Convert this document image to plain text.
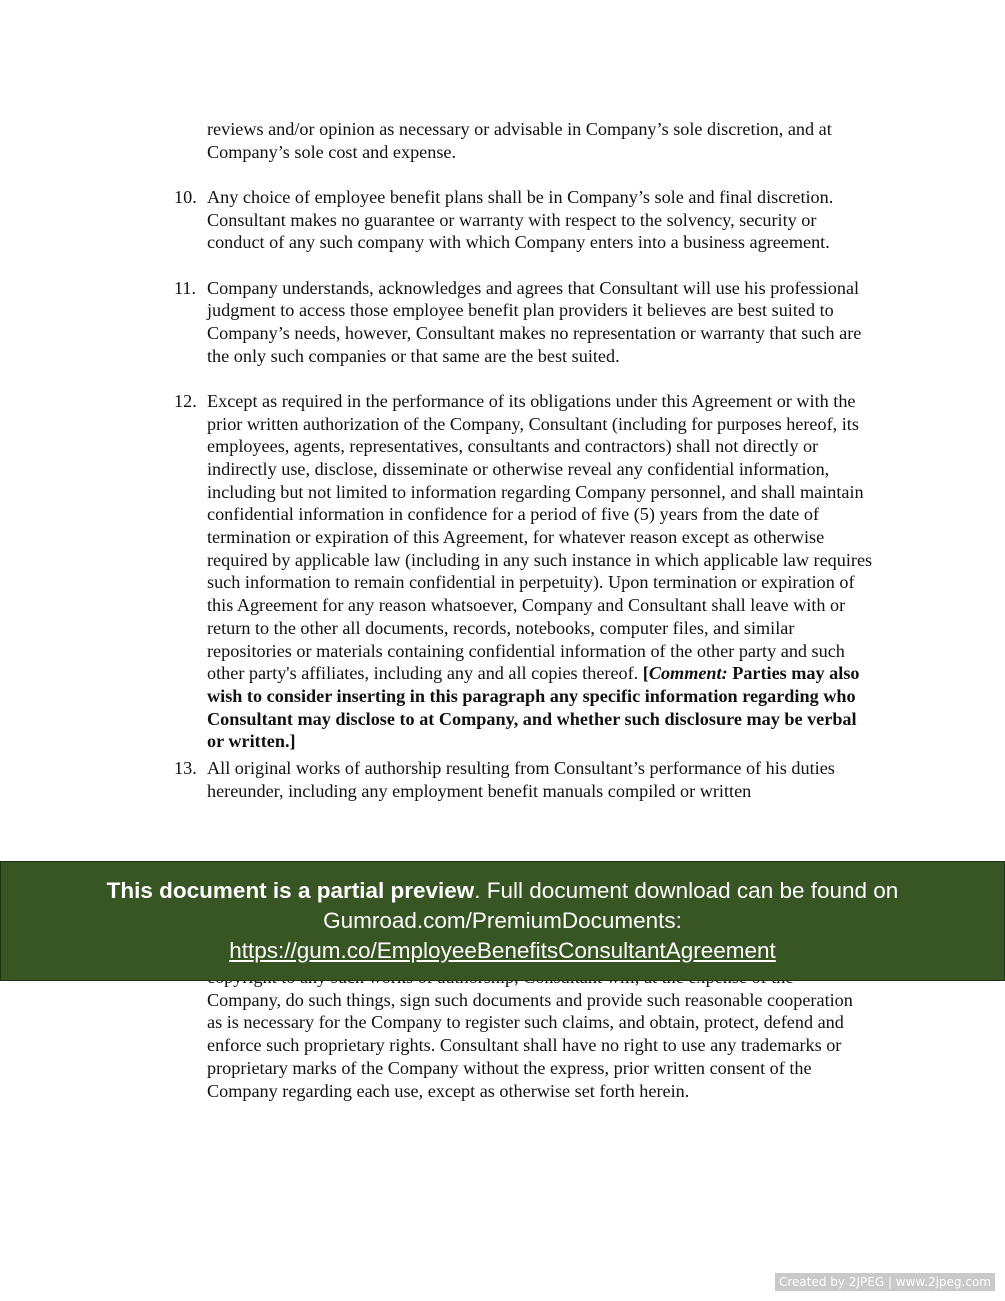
reviews and/or opinion as necessary or advisable in Company’s sole discretion, and at Company’s sole cost and expense.

10. Any choice of employee benefit plans shall be in Company’s sole and final discretion. Consultant makes no guarantee or warranty with respect to the solvency, security or conduct of any such company with which Company enters into a business agreement.

11. Company understands, acknowledges and agrees that Consultant will use his professional judgment to access those employee benefit plan providers it believes are best suited to Company’s needs, however, Consultant makes no representation or warranty that such are the only such companies or that same are the best suited.

12. Except as required in the performance of its obligations under this Agreement or with the prior written authorization of the Company, Consultant (including for purposes hereof, its employees, agents, representatives, consultants and contractors) shall not directly or indirectly use, disclose, disseminate or otherwise reveal any confidential information, including but not limited to information regarding Company personnel, and shall maintain confidential information in confidence for a period of five (5) years from the date of termination or expiration of this Agreement, for whatever reason except as otherwise required by applicable law (including in any such instance in which applicable law requires such information to remain confidential in perpetuity). Upon termination or expiration of this Agreement for any reason whatsoever, Company and Consultant shall leave with or return to the other all documents, records, notebooks, computer files, and similar repositories or materials containing confidential information of the other party and such other party's affiliates, including any and all copies thereof. [Comment: Parties may also wish to consider inserting in this paragraph any specific information regarding who Consultant may disclose to at Company, and whether such disclosure may be verbal or written.]

13. All original works of authorship resulting from Consultant’s performance of his duties hereunder, including any employment benefit manuals compiled or written

Company, do such things, sign such documents and provide such reasonable cooperation as is necessary for the Company to register such claims, and obtain, protect, defend and enforce such proprietary rights. Consultant shall have no right to use any trademarks or proprietary marks of the Company without the express, prior written consent of the Company regarding each use, except as otherwise set forth herein.
This document is a partial preview. Full document download can be found on
Gumroad.com/PremiumDocuments:
https://gum.co/EmployeeBenefitsConsultantAgreement
Created by 2JPEG | www.2jpeg.com
